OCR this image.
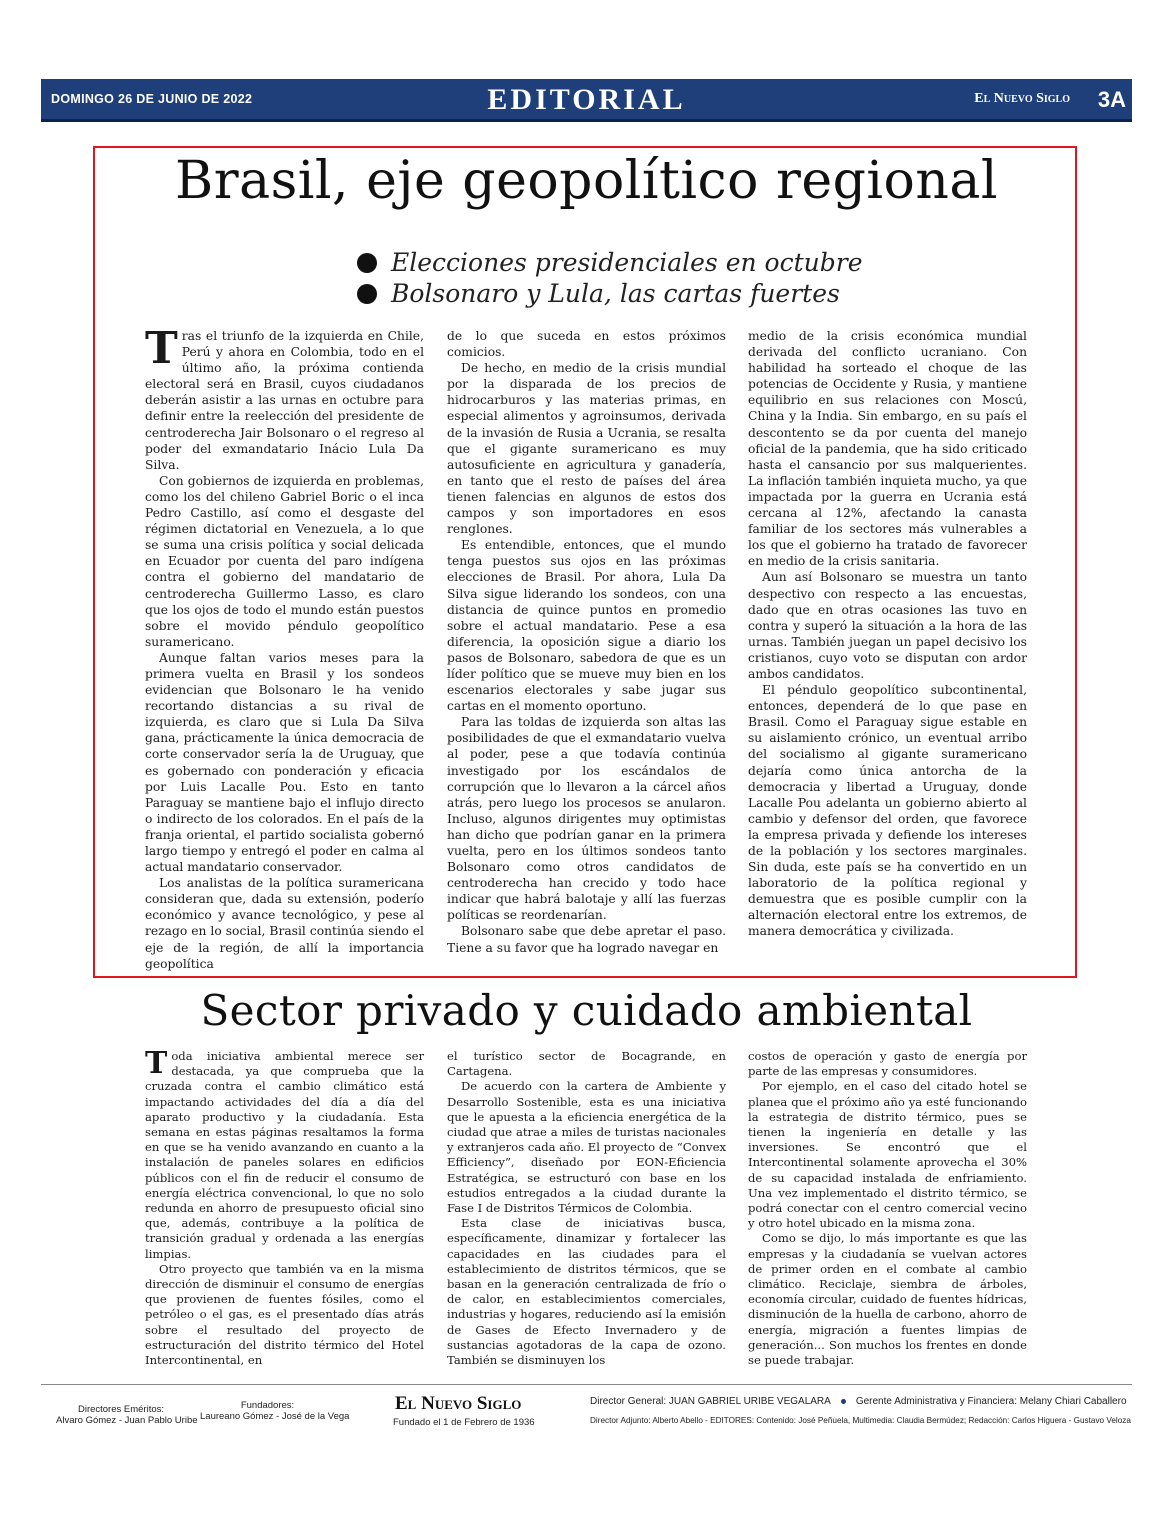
DOMINGO 26 DE JUNIO DE 2022	EDITORIAL	El Nuevo Siglo 3A
Brasil, eje geopolítico regional
Elecciones presidenciales en octubre
Bolsonaro y Lula, las cartas fuertes

Tras el triunfo de la izquierda en Chile, Perú y ahora en Colombia, todo en el último año, la próxima contienda electoral será en Brasil, cuyos ciudadanos deberán asistir a las urnas en octubre para definir entre la reelección del presidente de centroderecha Jair Bolsonaro o el regreso al poder del exmandatario Inácio Lula Da Silva.

Con gobiernos de izquierda en problemas, como los del chileno Gabriel Boric o el inca Pedro Castillo, así como el desgaste del régimen dictatorial en Venezuela, a lo que se suma una crisis política y social delicada en Ecuador por cuenta del paro indígena contra el gobierno del mandatario de centroderecha Guillermo Lasso, es claro que los ojos de todo el mundo están puestos sobre el movido péndulo geopolítico suramericano.

Aunque faltan varios meses para la primera vuelta en Brasil y los sondeos evidencian que Bolsonaro le ha venido recortando distancias a su rival de izquierda, es claro que si Lula Da Silva gana, prácticamente la única democracia de corte conservador sería la de Uruguay, que es gobernado con ponderación y eficacia por Luis Lacalle Pou. Esto en tanto Paraguay se mantiene bajo el influjo directo o indirecto de los colorados. En el país de la franja oriental, el partido socialista gobernó largo tiempo y entregó el poder en calma al actual mandatario conservador.

Los analistas de la política suramericana consideran que, dada su extensión, poderío económico y avance tecnológico, y pese al rezago en lo social, Brasil continúa siendo el eje de la región, de allí la importancia geopolítica

de lo que suceda en estos próximos comicios.

De hecho, en medio de la crisis mundial por la disparada de los precios de hidrocarburos y las materias primas, en especial alimentos y agroinsumos, derivada de la invasión de Rusia a Ucrania, se resalta que el gigante suramericano es muy autosuficiente en agricultura y ganadería, en tanto que el resto de países del área tienen falencias en algunos de estos dos campos y son importadores en esos renglones.

Es entendible, entonces, que el mundo tenga puestos sus ojos en las próximas elecciones de Brasil. Por ahora, Lula Da Silva sigue liderando los sondeos, con una distancia de quince puntos en promedio sobre el actual mandatario. Pese a esa diferencia, la oposición sigue a diario los pasos de Bolsonaro, sabedora de que es un líder político que se mueve muy bien en los escenarios electorales y sabe jugar sus cartas en el momento oportuno.

Para las toldas de izquierda son altas las posibilidades de que el exmandatario vuelva al poder, pese a que todavía continúa investigado por los escándalos de corrupción que lo llevaron a la cárcel años atrás, pero luego los procesos se anularon. Incluso, algunos dirigentes muy optimistas han dicho que podrían ganar en la primera vuelta, pero en los últimos sondeos tanto Bolsonaro como otros candidatos de centroderecha han crecido y todo hace indicar que habrá balotaje y allí las fuerzas políticas se reordenarían.

Bolsonaro sabe que debe apretar el paso. Tiene a su favor que ha logrado navegar en

medio de la crisis económica mundial derivada del conflicto ucraniano. Con habilidad ha sorteado el choque de las potencias de Occidente y Rusia, y mantiene equilibrio en sus relaciones con Moscú, China y la India. Sin embargo, en su país el descontento se da por cuenta del manejo oficial de la pandemia, que ha sido criticado hasta el cansancio por sus malquerientes. La inflación también inquieta mucho, ya que impactada por la guerra en Ucrania está cercana al 12%, afectando la canasta familiar de los sectores más vulnerables a los que el gobierno ha tratado de favorecer en medio de la crisis sanitaria.

Aun así Bolsonaro se muestra un tanto despectivo con respecto a las encuestas, dado que en otras ocasiones las tuvo en contra y superó la situación a la hora de las urnas. También juegan un papel decisivo los cristianos, cuyo voto se disputan con ardor ambos candidatos.

El péndulo geopolítico subcontinental, entonces, dependerá de lo que pase en Brasil. Como el Paraguay sigue estable en su aislamiento crónico, un eventual arribo del socialismo al gigante suramericano dejaría como única antorcha de la democracia y libertad a Uruguay, donde Lacalle Pou adelanta un gobierno abierto al cambio y defensor del orden, que favorece la empresa privada y defiende los intereses de la población y los sectores marginales. Sin duda, este país se ha convertido en un laboratorio de la política regional y demuestra que es posible cumplir con la alternación electoral entre los extremos, de manera democrática y civilizada.

Sector privado y cuidado ambiental

Toda iniciativa ambiental merece ser destacada, ya que comprueba que la cruzada contra el cambio climático está impactando actividades del día a día del aparato productivo y la ciudadanía. Esta semana en estas páginas resaltamos la forma en que se ha venido avanzando en cuanto a la instalación de paneles solares en edificios públicos con el fin de reducir el consumo de energía eléctrica convencional, lo que no solo redunda en ahorro de presupuesto oficial sino que, además, contribuye a la política de transición gradual y ordenada a las energías limpias.

Otro proyecto que también va en la misma dirección de disminuir el consumo de energías que provienen de fuentes fósiles, como el petróleo o el gas, es el presentado días atrás sobre el resultado del proyecto de estructuración del distrito térmico del Hotel Intercontinental, en

el turístico sector de Bocagrande, en Cartagena.

De acuerdo con la cartera de Ambiente y Desarrollo Sostenible, esta es una iniciativa que le apuesta a la eficiencia energética de la ciudad que atrae a miles de turistas nacionales y extranjeros cada año. El proyecto de “Convex Efficiency”, diseñado por EON-Eficiencia Estratégica, se estructuró con base en los estudios entregados a la ciudad durante la Fase I de Distritos Térmicos de Colombia.

Esta clase de iniciativas busca, específicamente, dinamizar y fortalecer las capacidades en las ciudades para el establecimiento de distritos térmicos, que se basan en la generación centralizada de frío o de calor, en establecimientos comerciales, industrias y hogares, reduciendo así la emisión de Gases de Efecto Invernadero y de sustancias agotadoras de la capa de ozono. También se disminuyen los

costos de operación y gasto de energía por parte de las empresas y consumidores.

Por ejemplo, en el caso del citado hotel se planea que el próximo año ya esté funcionando la estrategia de distrito térmico, pues se tienen la ingeniería en detalle y las inversiones. Se encontró que el Intercontinental solamente aprovecha el 30% de su capacidad instalada de enfriamiento. Una vez implementado el distrito térmico, se podrá conectar con el centro comercial vecino y otro hotel ubicado en la misma zona.

Como se dijo, lo más importante es que las empresas y la ciudadanía se vuelvan actores de primer orden en el combate al cambio climático. Reciclaje, siembra de árboles, economía circular, cuidado de fuentes hídricas, disminución de la huella de carbono, ahorro de energía, migración a fuentes limpias de generación... Son muchos los frentes en donde se puede trabajar.

Directores Eméritos:
Alvaro Gómez - Juan Pablo Uribe
Fundadores:
Laureano Gómez - José de la Vega
El Nuevo Siglo
Fundado el 1 de Febrero de 1936
Director General: JUAN GABRIEL URIBE VEGALARA	Gerente Administrativa y Financiera: Melany Chiari Caballero
Director Adjunto: Alberto Abello - EDITORES: Contenido: José Peñuela, Multimedia: Claudia Bermúdez; Redacción: Carlos Higuera - Gustavo Veloza
